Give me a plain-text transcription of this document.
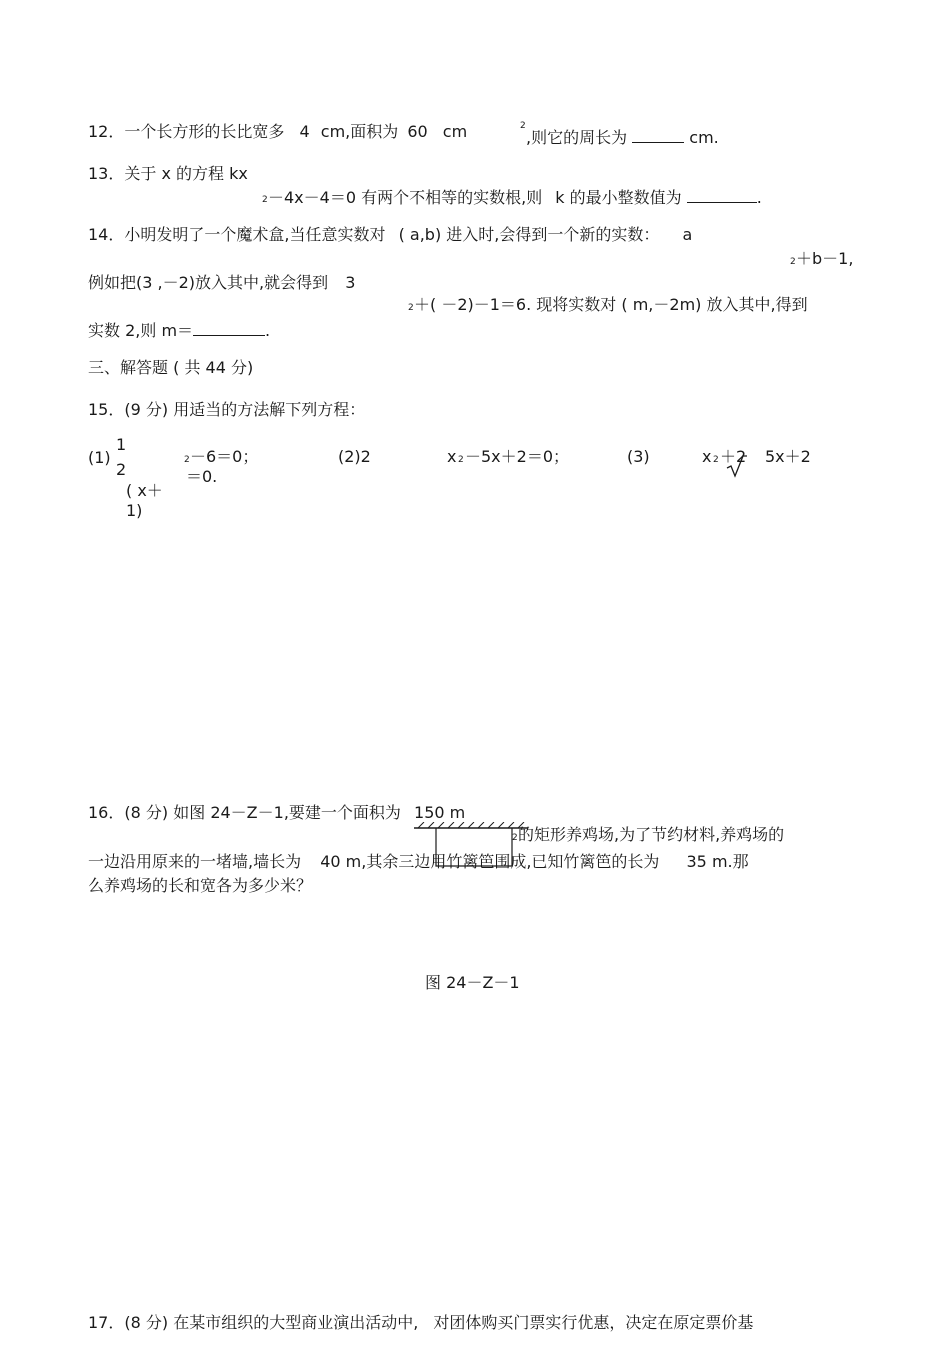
12．一个长方形的长比宽多 4 cm,面积为 60 cm	2
,则它的周长为	cm.
13．关于 x 的方程 kx
2 －4x－4＝0 有两个不相等的实数根,则 k 的最小整数值为	.
14．小明发明了一个魔术盒,当任意实数对 ( a,b) 进入时,会得到一个新的实数： a
2 ＋b－1,
例如把(3 ,－2)放入其中,就会得到 3
2 ＋( －2)－1＝6. 现将实数对 ( m,－2m) 放入其中,得到
实数 2,则 m＝	.
三、解答题 ( 共 44 分)
15．(9 分) 用适当的方法解下列方程：
(1)
1
2
( x＋
1)
2 －6＝0；
＝0.
(2)2	x 2 －5x＋2＝0；	(3)	x 2 ＋2 5x＋2
16．(8 分) 如图 24－Z－1,要建一个面积为 150 m
2 的矩形养鸡场,为了节约材料,养鸡场的
一边沿用原来的一堵墙,墙长为 40 m,其余三边用竹篱笆围成,已知竹篱笆的长为 35 m.那
么养鸡场的长和宽各为多少米？
图 24－Z－1
17．(8 分) 在某市组织的大型商业演出活动中, 对团体购买门票实行优惠，决定在原定票价基
